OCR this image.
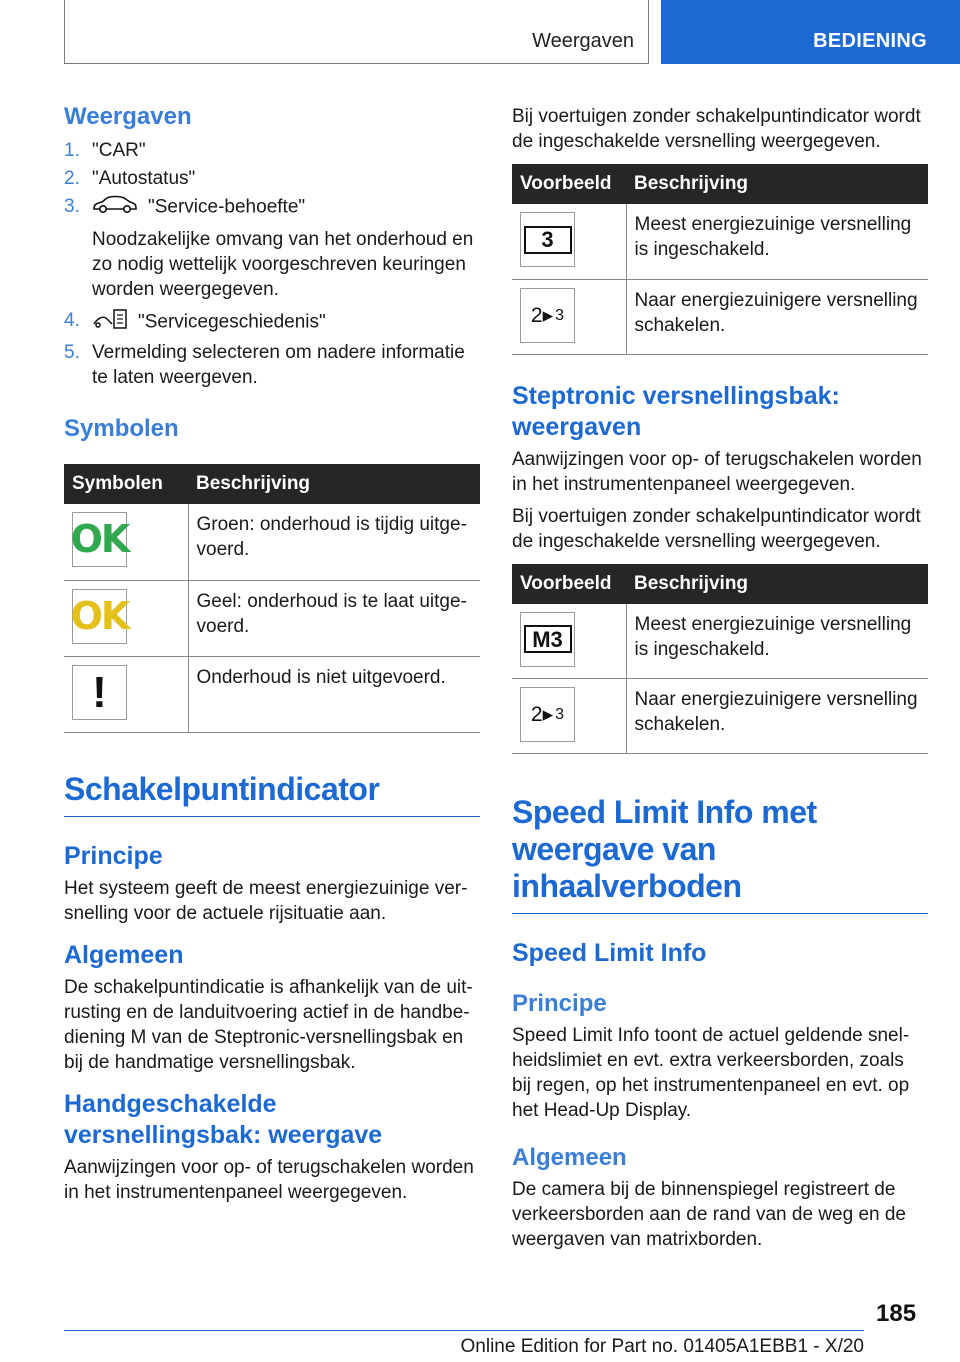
Weergaven	BEDIENING
Weergaven
1. "CAR"
2. "Autostatus"
3.	"Service-behoefte"
Noodzakelijke omvang van het onderhoud en zo nodig wettelijk voorgeschreven keuringen worden weergegeven.
4.	"Servicegeschiedenis"
5. Vermelding selecteren om nadere informatie te laten weergeven.
Symbolen
Symbolen	Beschrijving

OK	Groen: onderhoud is tijdig uitgevoerd.

OK	Geel: onderhoud is te laat uitgevoerd.

!	Onderhoud is niet uitgevoerd.
Schakelpuntindicator
Principe

Het systeem geeft de meest energiezuinige versnelling voor de actuele rijsituatie aan.

Algemeen

De schakelpuntindicatie is afhankelijk van de uitrusting en de landuitvoering actief in de handbediening M van de Steptronic-versnellingsbak en bij de handmatige versnellingsbak.

Handgeschakelde versnellingsbak: weergave

Aanwijzingen voor op- of terugschakelen worden in het instrumentenpaneel weergegeven.

Bij voertuigen zonder schakelpuntindicator wordt de ingeschakelde versnelling weergegeven.

Voorbeeld	Beschrijving

3	Meest energiezuinige versnelling is ingeschakeld.

2 ▸ 3	Naar energiezuinigere versnelling schakelen.
Steptronic versnellingsbak: weergaven

Aanwijzingen voor op- of terugschakelen worden in het instrumentenpaneel weergegeven.

Bij voertuigen zonder schakelpuntindicator wordt de ingeschakelde versnelling weergegeven.

Voorbeeld	Beschrijving

M3	Meest energiezuinige versnelling is ingeschakeld.

2 ▸ 3	Naar energiezuinigere versnelling schakelen.
Speed Limit Info met weergave van inhaalverboden
Speed Limit Info
Principe

Speed Limit Info toont de actuel geldende snelheidslimiet en evt. extra verkeersborden, zoals bij regen, op het instrumentenpaneel en evt. op het Head-Up Display.

Algemeen

De camera bij de binnenspiegel registreert de verkeersborden aan de rand van de weg en de weergaven van matrixborden.

185
Online Edition for Part no. 01405A1EBB1 - X/20
